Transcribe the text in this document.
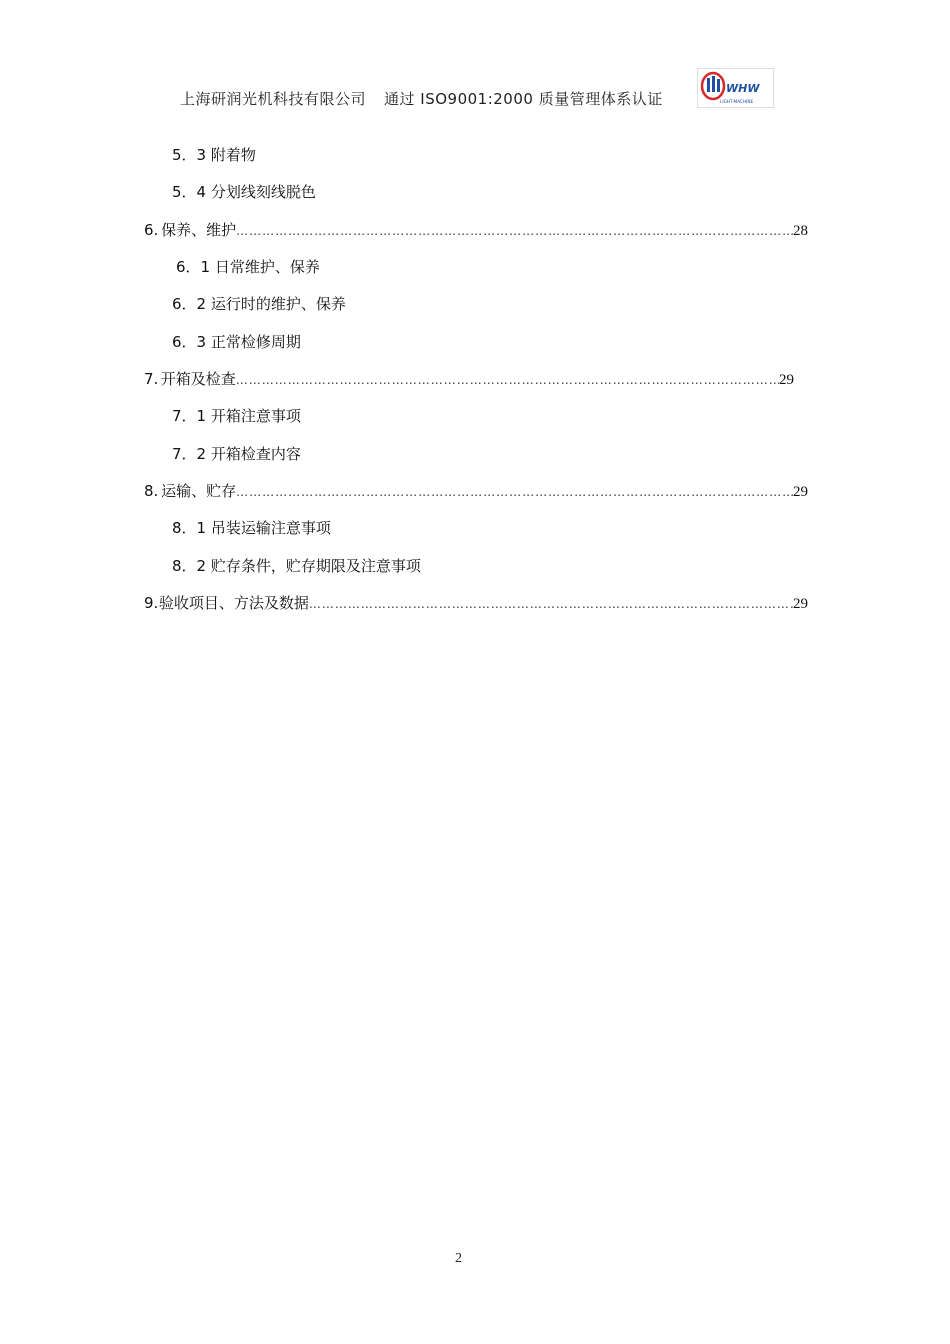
上海研润光机科技有限公司 通过 ISO9001:2000 质量管理体系认证
WHW
LIGHT-MACHINE
5．3 附着物
5．4 分划线刻线脱色
6. 保养、维护 …………………………………………………………………………………………………………………………………………………………………………………………	28
6．1 日常维护、保养
6．2 运行时的维护、保养
6．3 正常检修周期
7. 开箱及检查 …………………………………………………………………………………………………………………………………………………………………………………………	29
7．1 开箱注意事项
7．2 开箱检查内容
8. 运输、贮存 …………………………………………………………………………………………………………………………………………………………………………………………	29
8．1 吊装运输注意事项
8．2 贮存条件，贮存期限及注意事项
9. 验收项目、方法及数据 …………………………………………………………………………………………………………………………………………………………………………………………	29
2
